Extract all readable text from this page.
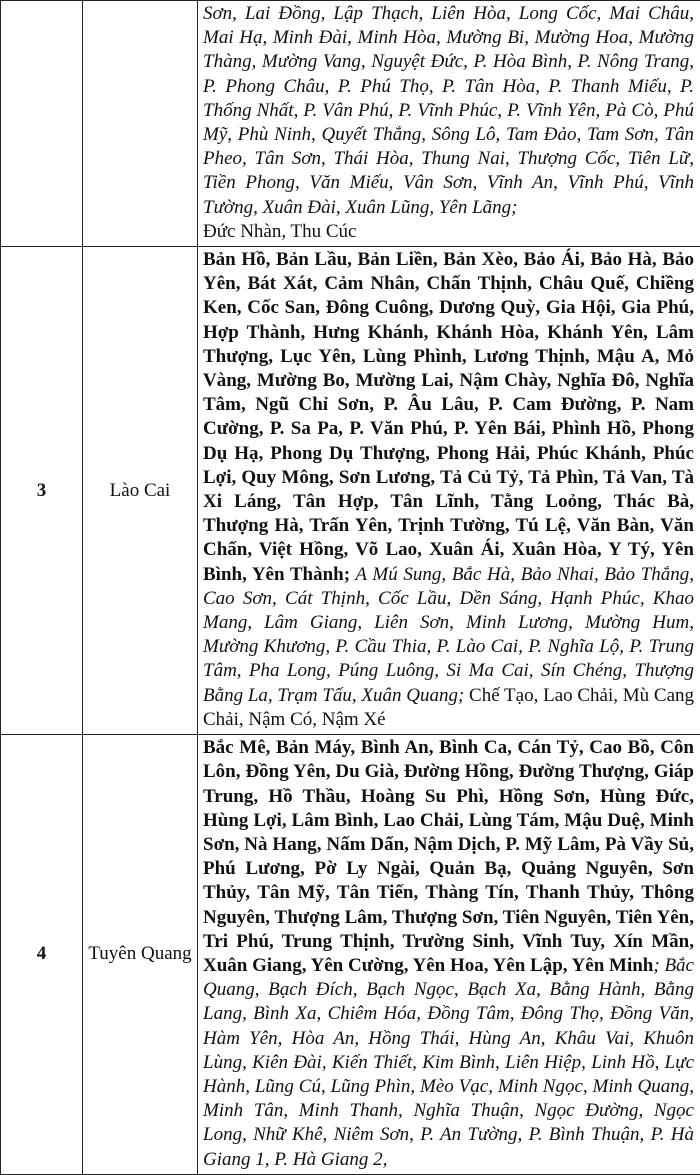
		Sơn, Lai Đồng, Lập Thạch, Liên Hòa, Long Cốc, Mai Châu, Mai Hạ, Minh Đài, Minh Hòa, Mường Bi, Mường Hoa, Mường Thàng, Mường Vang, Nguyệt Đức, P. Hòa Bình, P. Nông Trang, P. Phong Châu, P. Phú Thọ, P. Tân Hòa, P. Thanh Miếu, P. Thống Nhất, P. Vân Phú, P. Vĩnh Phúc, P. Vĩnh Yên, Pà Cò, Phú Mỹ, Phù Ninh, Quyết Thắng, Sông Lô, Tam Đảo, Tam Sơn, Tân Pheo, Tân Sơn, Thái Hòa, Thung Nai, Thượng Cốc, Tiên Lữ, Tiền Phong, Văn Miếu, Vân Sơn, Vĩnh An, Vĩnh Phú, Vĩnh Tường, Xuân Đài, Xuân Lũng, Yên Lãng;
Đức Nhàn, Thu Cúc
3	Lào Cai	Bản Hồ, Bản Lầu, Bản Liền, Bản Xèo, Bảo Ái, Bảo Hà, Bảo Yên, Bát Xát, Cảm Nhân, Chấn Thịnh, Châu Quế, Chiềng Ken, Cốc San, Đông Cuông, Dương Quỳ, Gia Hội, Gia Phú, Hợp Thành, Hưng Khánh, Khánh Hòa, Khánh Yên, Lâm Thượng, Lục Yên, Lùng Phình, Lương Thịnh, Mậu A, Mỏ Vàng, Mường Bo, Mường Lai, Nậm Chày, Nghĩa Đô, Nghĩa Tâm, Ngũ Chỉ Sơn, P. Âu Lâu, P. Cam Đường, P. Nam Cường, P. Sa Pa, P. Văn Phú, P. Yên Bái, Phình Hồ, Phong Dụ Hạ, Phong Dụ Thượng, Phong Hải, Phúc Khánh, Phúc Lợi, Quy Mông, Sơn Lương, Tả Củ Tỷ, Tả Phìn, Tả Van, Tà Xi Láng, Tân Hợp, Tân Lĩnh, Tằng Loỏng, Thác Bà, Thượng Hà, Trấn Yên, Trịnh Tường, Tú Lệ, Văn Bàn, Văn Chấn, Việt Hồng, Võ Lao, Xuân Ái, Xuân Hòa, Y Tý, Yên Bình, Yên Thành; A Mú Sung, Bắc Hà, Bảo Nhai, Bảo Thắng, Cao Sơn, Cát Thịnh, Cốc Lầu, Dền Sáng, Hạnh Phúc, Khao Mang, Lâm Giang, Liên Sơn, Minh Lương, Mường Hum, Mường Khương, P. Cầu Thia, P. Lào Cai, P. Nghĩa Lộ, P. Trung Tâm, Pha Long, Púng Luông, Si Ma Cai, Sín Chéng, Thượng Bằng La, Trạm Tấu, Xuân Quang; Chế Tạo, Lao Chải, Mù Cang Chải, Nậm Có, Nậm Xé
4	Tuyên Quang	Bắc Mê, Bản Máy, Bình An, Bình Ca, Cán Tỷ, Cao Bồ, Côn Lôn, Đồng Yên, Du Già, Đường Hồng, Đường Thượng, Giáp Trung, Hồ Thầu, Hoàng Su Phì, Hồng Sơn, Hùng Đức, Hùng Lợi, Lâm Bình, Lao Chải, Lùng Tám, Mậu Duệ, Minh Sơn, Nà Hang, Nấm Dẩn, Nậm Dịch, P. Mỹ Lâm, Pà Vầy Sủ, Phú Lương, Pờ Ly Ngài, Quản Bạ, Quảng Nguyên, Sơn Thủy, Tân Mỹ, Tân Tiến, Thàng Tín, Thanh Thủy, Thông Nguyên, Thượng Lâm, Thượng Sơn, Tiên Nguyên, Tiên Yên, Tri Phú, Trung Thịnh, Trường Sinh, Vĩnh Tuy, Xín Mần, Xuân Giang, Yên Cường, Yên Hoa, Yên Lập, Yên Minh; Bắc Quang, Bạch Đích, Bạch Ngọc, Bạch Xa, Bằng Hành, Bằng Lang, Bình Xa, Chiêm Hóa, Đồng Tâm, Đông Thọ, Đồng Văn, Hàm Yên, Hòa An, Hồng Thái, Hùng An, Khâu Vai, Khuôn Lùng, Kiên Đài, Kiến Thiết, Kim Bình, Liên Hiệp, Linh Hồ, Lực Hành, Lũng Cú, Lũng Phìn, Mèo Vạc, Minh Ngọc, Minh Quang, Minh Tân, Minh Thanh, Nghĩa Thuận, Ngọc Đường, Ngọc Long, Nhữ Khê, Niêm Sơn, P. An Tường, P. Bình Thuận, P. Hà Giang 1, P. Hà Giang 2,
